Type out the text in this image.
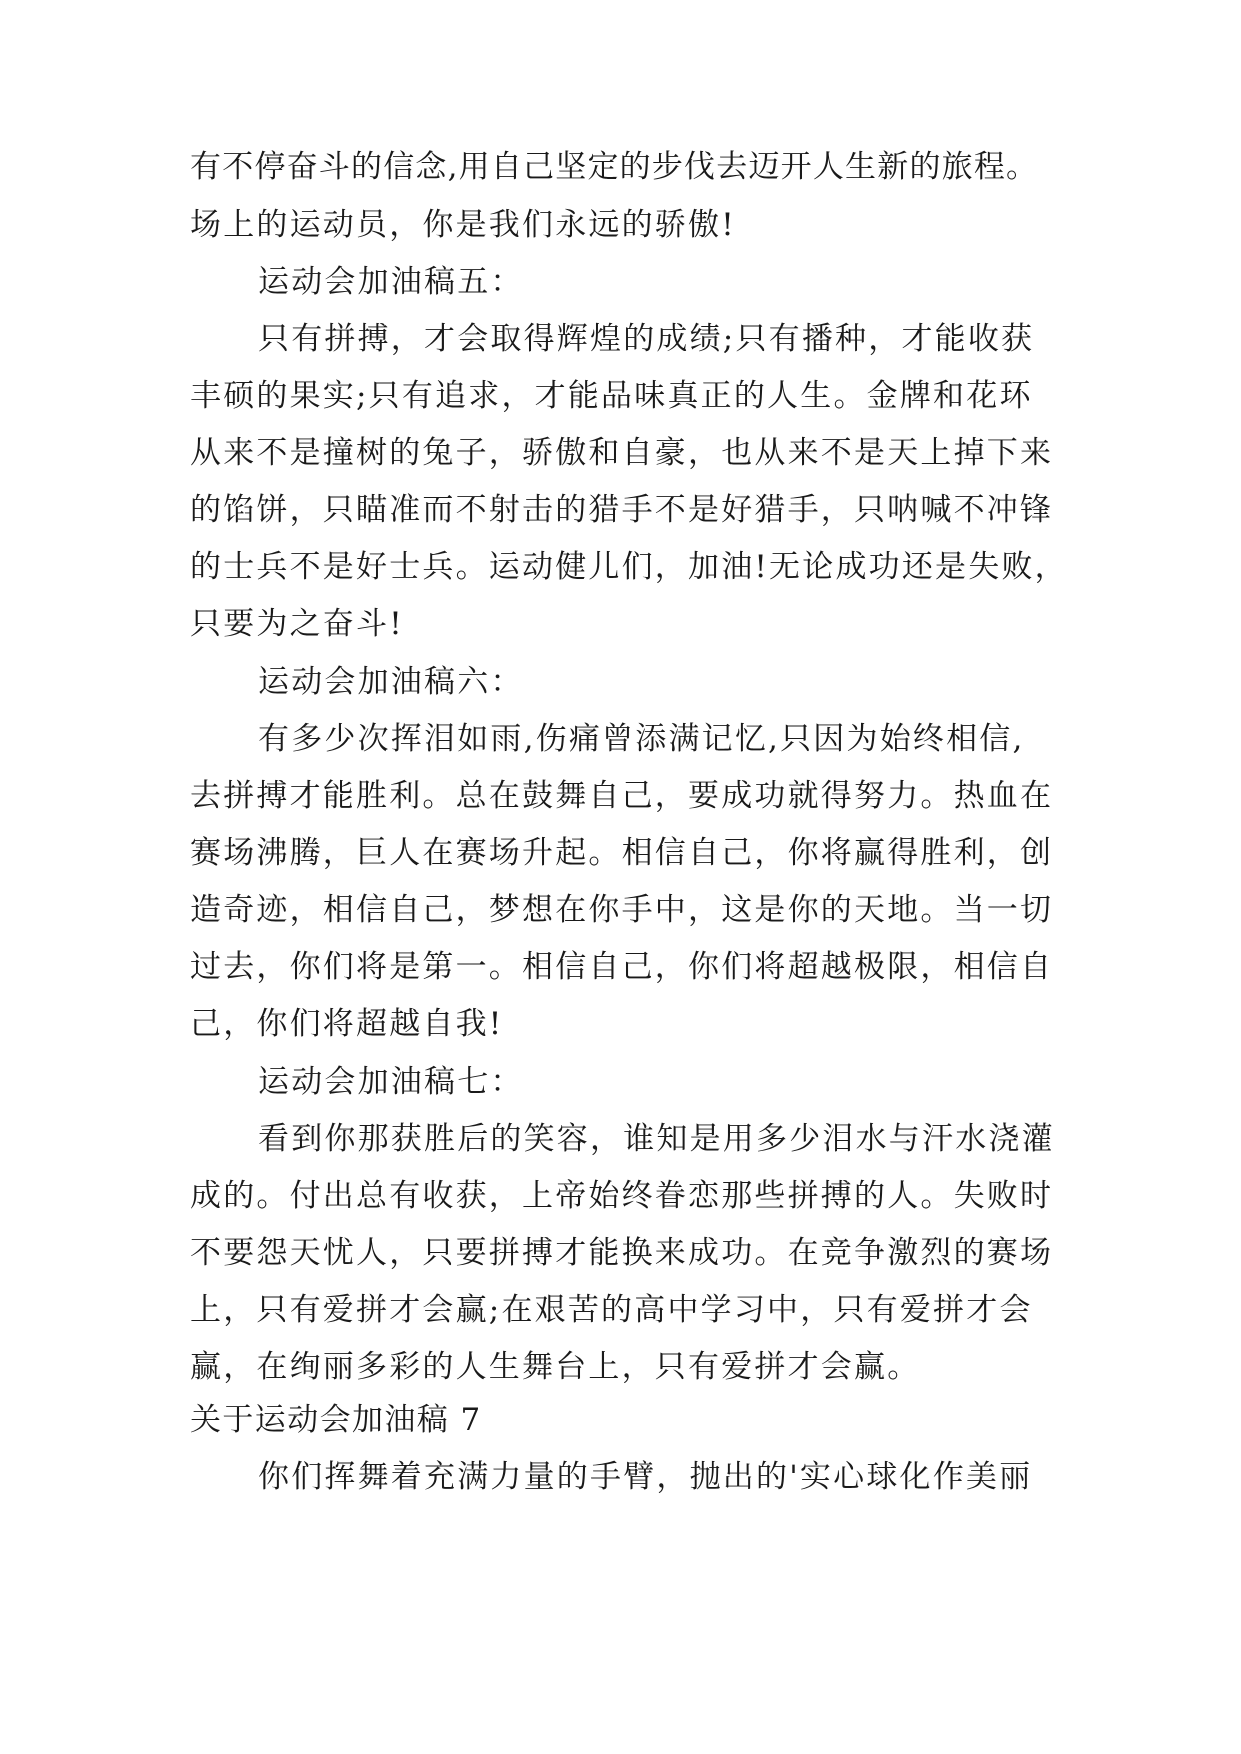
有不停奋斗的信念,用自己坚定的步伐去迈开人生新的旅程。
场上的运动员，你是我们永远的骄傲!
运动会加油稿五：
只有拼搏，才会取得辉煌的成绩;只有播种，才能收获
丰硕的果实;只有追求，才能品味真正的人生。金牌和花环
从来不是撞树的兔子，骄傲和自豪，也从来不是天上掉下来
的馅饼，只瞄准而不射击的猎手不是好猎手，只呐喊不冲锋
的士兵不是好士兵。运动健儿们，加油!无论成功还是失败，
只要为之奋斗!
运动会加油稿六：
有多少次挥泪如雨,伤痛曾添满记忆,只因为始终相信,
去拼搏才能胜利。总在鼓舞自己，要成功就得努力。热血在
赛场沸腾，巨人在赛场升起。相信自己，你将赢得胜利，创
造奇迹，相信自己，梦想在你手中，这是你的天地。当一切
过去，你们将是第一。相信自己，你们将超越极限，相信自
己，你们将超越自我!
运动会加油稿七：
看到你那获胜后的笑容，谁知是用多少泪水与汗水浇灌
成的。付出总有收获，上帝始终眷恋那些拼搏的人。失败时
不要怨天忧人，只要拼搏才能换来成功。在竞争激烈的赛场
上，只有爱拼才会赢;在艰苦的高中学习中，只有爱拼才会
赢，在绚丽多彩的人生舞台上，只有爱拼才会赢。
关于运动会加油稿 7
你们挥舞着充满力量的手臂，抛出的'实心球化作美丽
